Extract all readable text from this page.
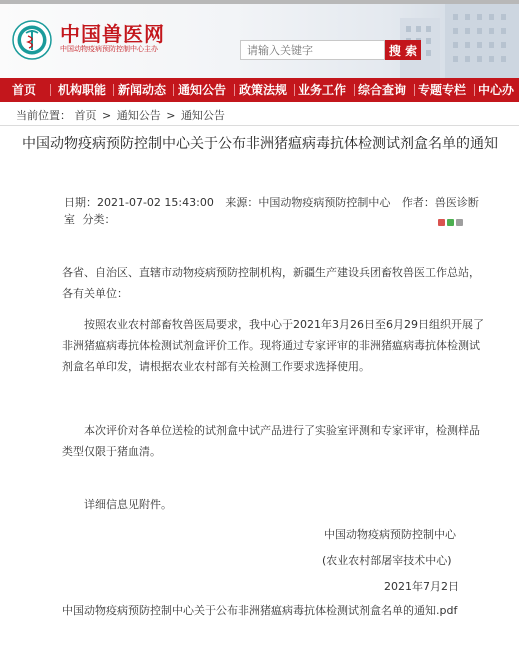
中国兽医网
中国动物疫病预防控制中心主办
请输入关键字	搜 索
首页 机构职能 新闻动态 通知公告 政策法规 业务工作 综合查询 专题专栏 中心办
当前位置： 首页 > 通知公告 > 通知公告
中国动物疫病预防控制中心关于公布非洲猪瘟病毒抗体检测试剂盒名单的通知
日期：2021-07-02 15:43:00 来源：中国动物疫病预防控制中心 作者：兽医诊断
室 分类：
各省、自治区、直辖市动物疫病预防控制机构，新疆生产建设兵团畜牧兽医工作总站，各有关单位：
按照农业农村部畜牧兽医局要求，我中心于2021年3月26日至6月29日组织开展了非洲猪瘟病毒抗体检测试剂盒评价工作。现将通过专家评审的非洲猪瘟病毒抗体检测试剂盒名单印发，请根据农业农村部有关检测工作要求选择使用。
本次评价对各单位送检的试剂盒中试产品进行了实验室评测和专家评审，检测样品类型仅限于猪血清。
详细信息见附件。
中国动物疫病预防控制中心
(农业农村部屠宰技术中心)
2021年7月2日
中国动物疫病预防控制中心关于公布非洲猪瘟病毒抗体检测试剂盒名单的通知.pdf
